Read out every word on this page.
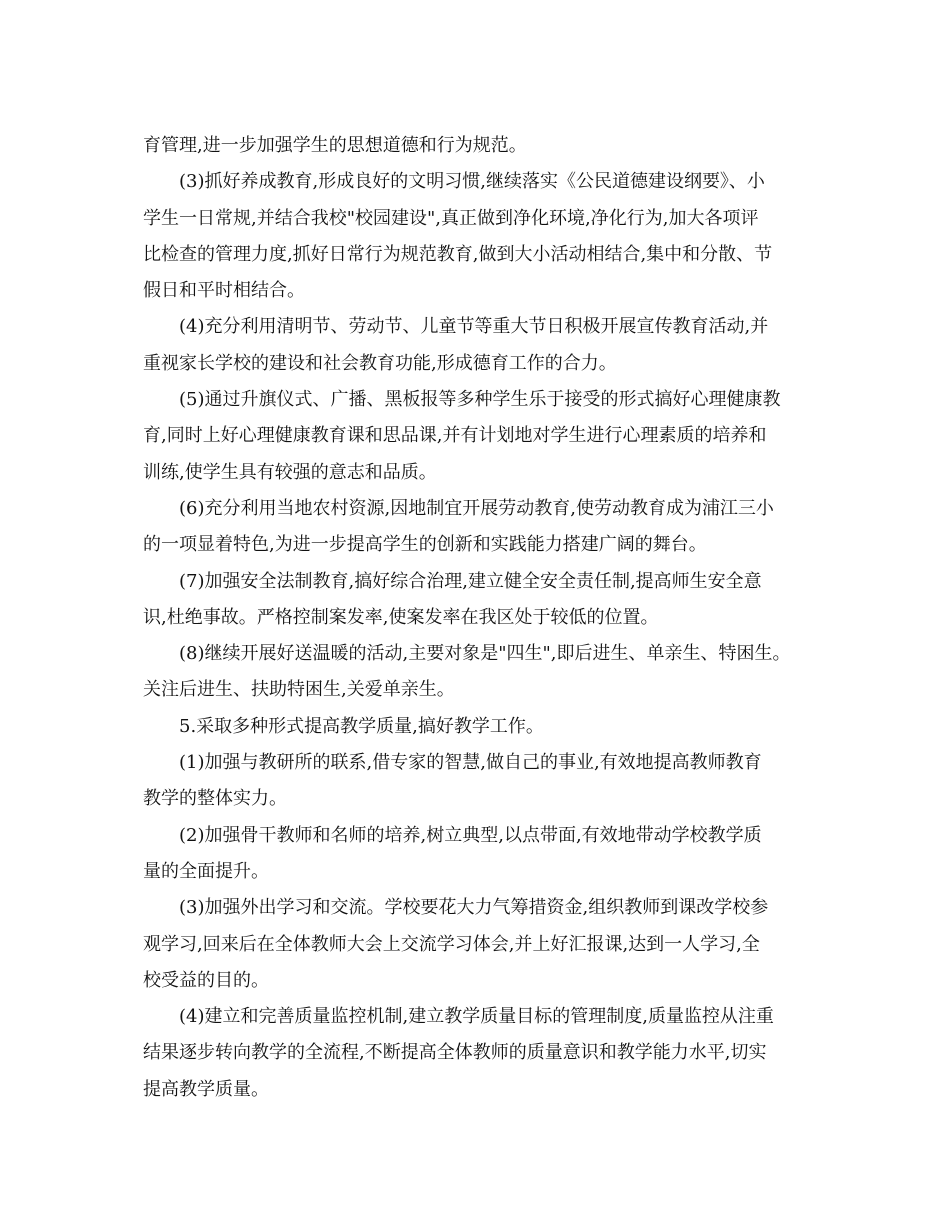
育管理,进一步加强学生的思想道德和行为规范。

(3)抓好养成教育,形成良好的文明习惯,继续落实《公民道德建设纲要》、小
学生一日常规,并结合我校"校园建设",真正做到净化环境,净化行为,加大各项评
比检查的管理力度,抓好日常行为规范教育,做到大小活动相结合,集中和分散、节
假日和平时相结合。

(4)充分利用清明节、劳动节、儿童节等重大节日积极开展宣传教育活动,并
重视家长学校的建设和社会教育功能,形成德育工作的合力。

(5)通过升旗仪式、广播、黑板报等多种学生乐于接受的形式搞好心理健康教
育,同时上好心理健康教育课和思品课,并有计划地对学生进行心理素质的培养和
训练,使学生具有较强的意志和品质。

(6)充分利用当地农村资源,因地制宜开展劳动教育,使劳动教育成为浦江三小
的一项显着特色,为进一步提高学生的创新和实践能力搭建广阔的舞台。

(7)加强安全法制教育,搞好综合治理,建立健全安全责任制,提高师生安全意
识,杜绝事故。严格控制案发率,使案发率在我区处于较低的位置。

(8)继续开展好送温暖的活动,主要对象是"四生",即后进生、单亲生、特困生。
关注后进生、扶助特困生,关爱单亲生。

5.采取多种形式提高教学质量,搞好教学工作。

(1)加强与教研所的联系,借专家的智慧,做自己的事业,有效地提高教师教育
教学的整体实力。

(2)加强骨干教师和名师的培养,树立典型,以点带面,有效地带动学校教学质
量的全面提升。

(3)加强外出学习和交流。学校要花大力气筹措资金,组织教师到课改学校参
观学习,回来后在全体教师大会上交流学习体会,并上好汇报课,达到一人学习,全
校受益的目的。

(4)建立和完善质量监控机制,建立教学质量目标的管理制度,质量监控从注重
结果逐步转向教学的全流程,不断提高全体教师的质量意识和教学能力水平,切实
提高教学质量。
